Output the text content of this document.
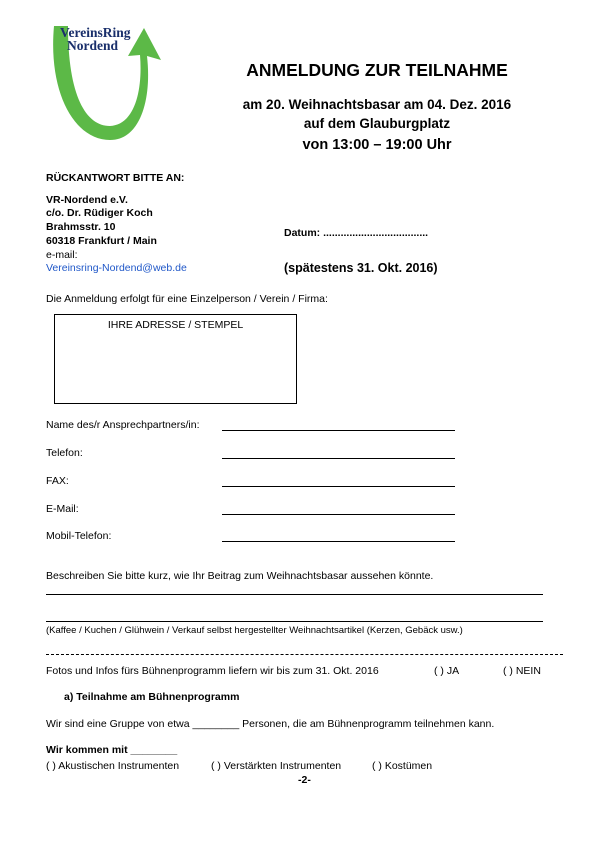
VereinsRing
Nordend
ANMELDUNG ZUR TEILNAHME
am 20. Weihnachtsbasar am 04. Dez. 2016
auf dem Glauburgplatz
von 13:00 – 19:00 Uhr
RÜCKANTWORT BITTE AN:
VR-Nordend e.V.
c/o. Dr. Rüdiger Koch
Brahmsstr. 10
60318 Frankfurt / Main
e-mail:
Vereinsring-Nordend@web.de
Datum: ....................................
(spätestens 31. Okt. 2016)
Die Anmeldung erfolgt für eine Einzelperson / Verein / Firma:
IHRE ADRESSE / STEMPEL
Name des/r Ansprechpartners/in:
Telefon:
FAX:
E-Mail:
Mobil-Telefon:
Beschreiben Sie bitte kurz, wie Ihr Beitrag zum Weihnachtsbasar aussehen könnte.
(Kaffee / Kuchen / Glühwein / Verkauf selbst hergestellter Weihnachtsartikel (Kerzen, Gebäck usw.)
Fotos und Infos fürs Bühnenprogramm liefern wir bis zum 31. Okt. 2016	( ) JA	( ) NEIN
a) Teilnahme am Bühnenprogramm
Wir sind eine Gruppe von etwa ________ Personen, die am Bühnenprogramm teilnehmen kann.
Wir kommen mit ________
( ) Akustischen Instrumenten	( ) Verstärkten Instrumenten	( ) Kostümen
-2-
